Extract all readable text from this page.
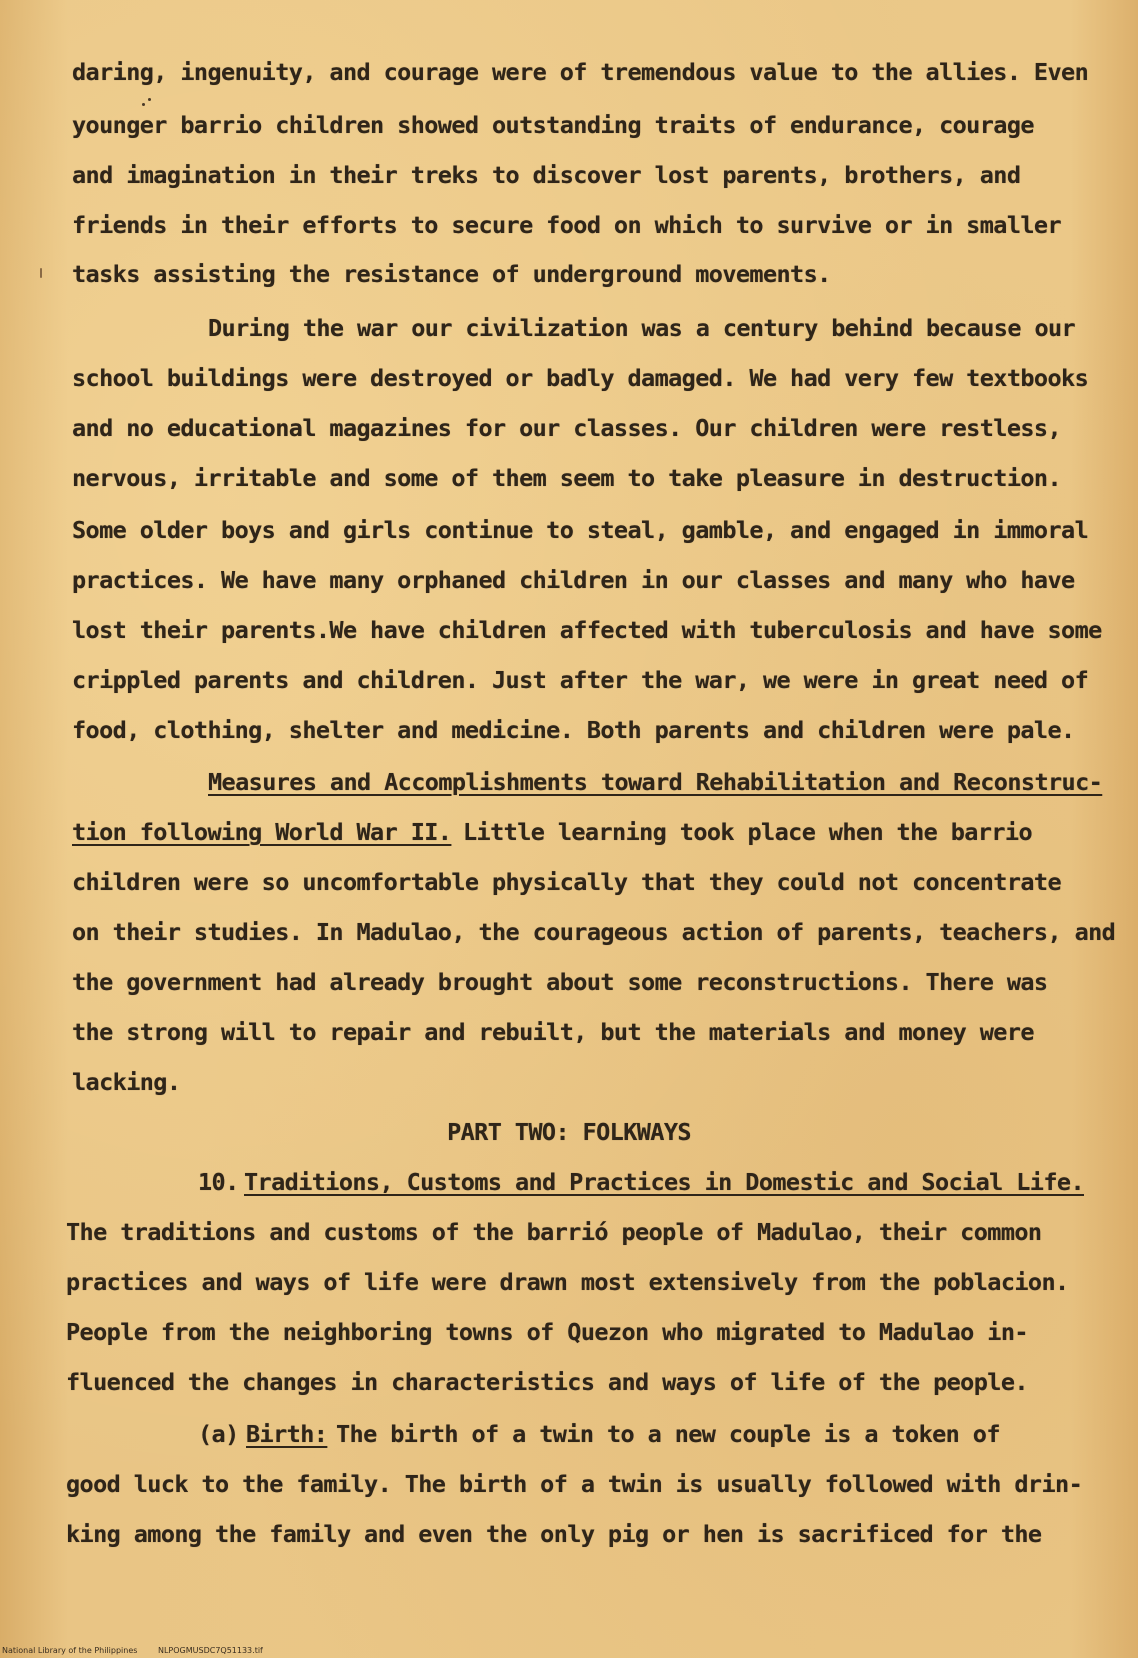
daring, ingenuity, and courage were of tremendous value to the allies. Even
younger barrio children showed outstanding traits of endurance, courage
and imagination in their treks to discover lost parents, brothers, and
friends in their efforts to secure food on which to survive or in smaller
tasks assisting the resistance of underground movements.
During the war our civilization was a century behind because our
school buildings were destroyed or badly damaged. We had very few textbooks
and no educational magazines for our classes. Our children were restless,
nervous, irritable and some of them seem to take pleasure in destruction.
Some older boys and girls continue to steal, gamble, and engaged in immoral
practices. We have many orphaned children in our classes and many who have
lost their parents.We have children affected with tuberculosis and have some
crippled parents and children. Just after the war, we were in great need of
food, clothing, shelter and medicine. Both parents and children were pale.
Measures and Accomplishments toward Rehabilitation and Reconstruc-
tion following World War II. Little learning took place when the barrio
children were so uncomfortable physically that they could not concentrate
on their studies. In Madulao, the courageous action of parents, teachers, and
the government had already brought about some reconstructions. There was
the strong will to repair and rebuilt, but the materials and money were
lacking.
PART TWO: FOLKWAYS
10. Traditions, Customs and Practices in Domestic and Social Life.
The traditions and customs of the barrió people of Madulao, their common
practices and ways of life were drawn most extensively from the poblacion.
People from the neighboring towns of Quezon who migrated to Madulao in-
fluenced the changes in characteristics and ways of life of the people.
(a) Birth: The birth of a twin to a new couple is a token of
good luck to the family. The birth of a twin is usually followed with drin-
king among the family and even the only pig or hen is sacrificed for the
National Library of the Philippines	NLPOGMUSDC7Q51133.tif
